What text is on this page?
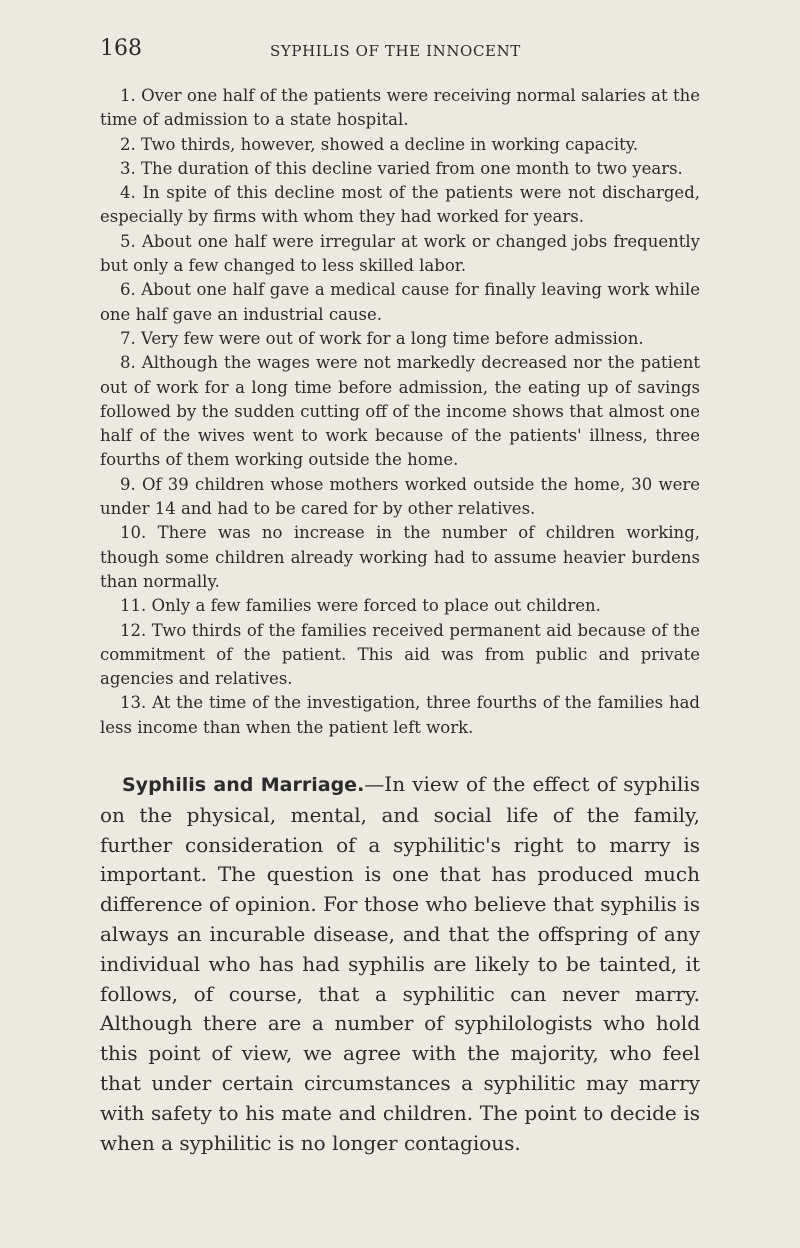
168	SYPHILIS OF THE INNOCENT
1. Over one half of the patients were receiving normal salaries at the time of admission to a state hospital.
2. Two thirds, however, showed a decline in working capacity.
3. The duration of this decline varied from one month to two years.
4. In spite of this decline most of the patients were not discharged, especially by firms with whom they had worked for years.
5. About one half were irregular at work or changed jobs frequently but only a few changed to less skilled labor.
6. About one half gave a medical cause for finally leaving work while one half gave an industrial cause.
7. Very few were out of work for a long time before admission.
8. Although the wages were not markedly decreased nor the patient out of work for a long time before admission, the eating up of savings followed by the sudden cutting off of the income shows that almost one half of the wives went to work because of the patients' illness, three fourths of them working outside the home.
9. Of 39 children whose mothers worked outside the home, 30 were under 14 and had to be cared for by other relatives.
10. There was no increase in the number of children working, though some children already working had to assume heavier burdens than normally.
11. Only a few families were forced to place out children.
12. Two thirds of the families received permanent aid because of the commitment of the patient. This aid was from public and private agencies and relatives.
13. At the time of the investigation, three fourths of the families had less income than when the patient left work.

Syphilis and Marriage.—In view of the effect of syphilis on the physical, mental, and social life of the family, further consideration of a syphilitic's right to marry is important. The question is one that has produced much difference of opinion. For those who believe that syphilis is always an incurable disease, and that the offspring of any individual who has had syphilis are likely to be tainted, it follows, of course, that a syphilitic can never marry. Although there are a number of syphilologists who hold this point of view, we agree with the majority, who feel that under certain circumstances a syphilitic may marry with safety to his mate and children. The point to decide is when a syphilitic is no longer contagious.
